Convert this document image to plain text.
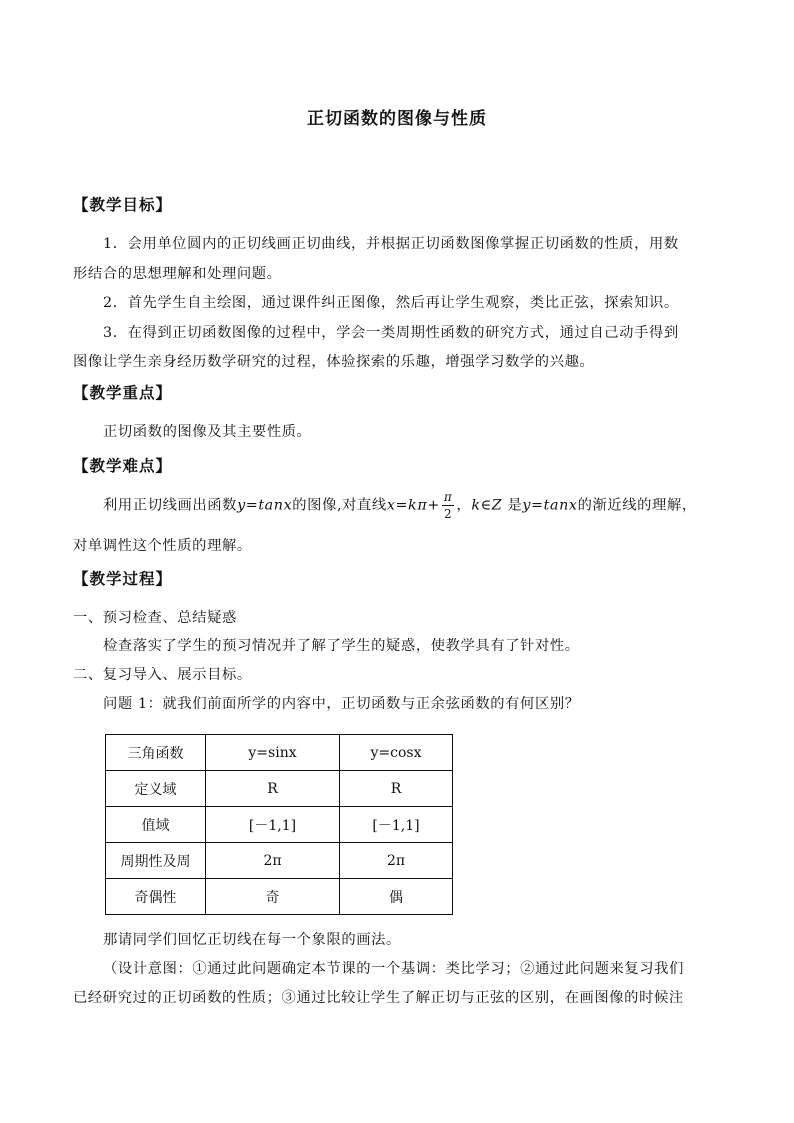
正切函数的图像与性质
【教学目标】
1．会用单位圆内的正切线画正切曲线，并根据正切函数图像掌握正切函数的性质，用数
形结合的思想理解和处理问题。
2．首先学生自主绘图，通过课件纠正图像，然后再让学生观察，类比正弦，探索知识。
3．在得到正切函数图像的过程中，学会一类周期性函数的研究方式，通过自己动手得到
图像让学生亲身经历数学研究的过程，体验探索的乐趣，增强学习数学的兴趣。
【教学重点】
正切函数的图像及其主要性质。
【教学难点】
利用正切线画出函数y=tanx的图像,对直线$x=k\pi+ \frac{\pi}{2}$ ，k∈Z 是y=tanx的渐近线的理解，
对单调性这个性质的理解。
【教学过程】
一、预习检查、总结疑惑
检查落实了学生的预习情况并了解了学生的疑惑，使教学具有了针对性。
二、复习导入、展示目标。
问题 1：就我们前面所学的内容中，正切函数与正余弦函数的有何区别？
三角函数	y=sinx	y=cosx
定义域	R	R
值域	[－1,1]	[－1,1]
周期性及周	2π	2π
奇偶性	奇	偶
那请同学们回忆正切线在每一个象限的画法。
（设计意图：①通过此问题确定本节课的一个基调：类比学习；②通过此问题来复习我们
已经研究过的正切函数的性质；③通过比较让学生了解正切与正弦的区别，在画图像的时候注
